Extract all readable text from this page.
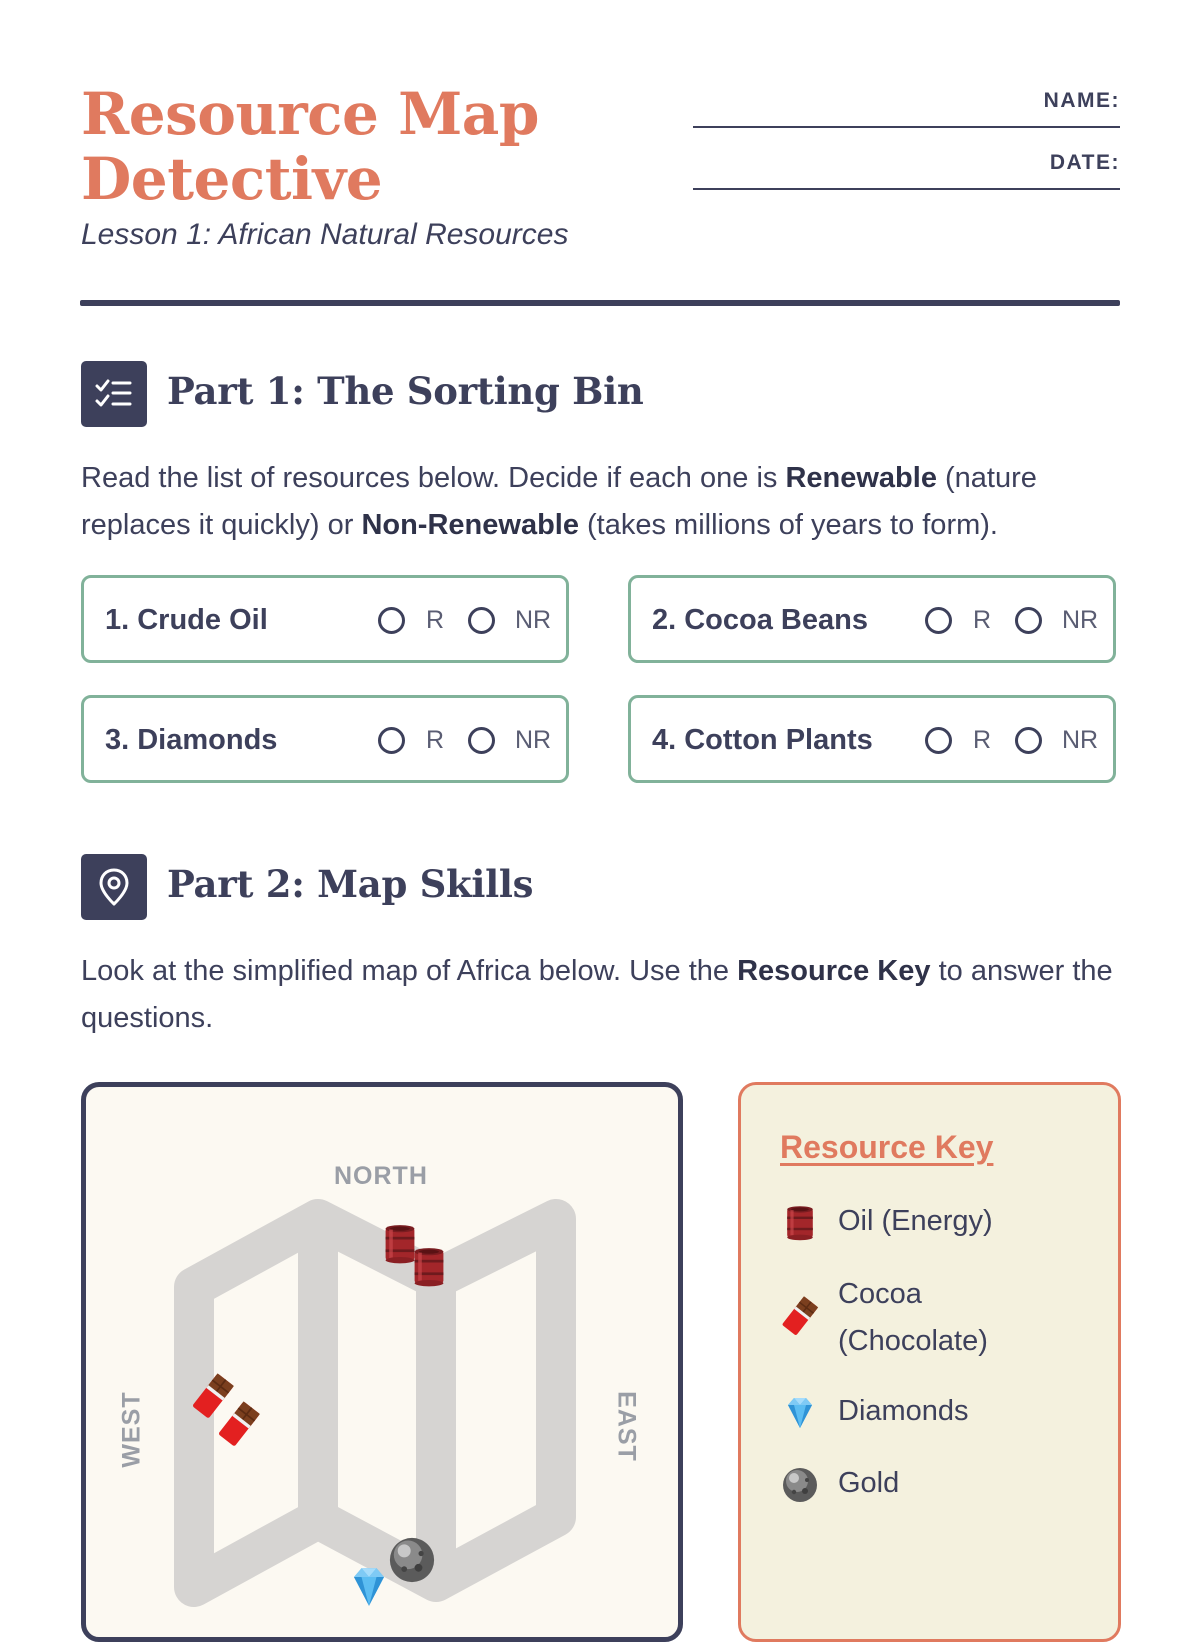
Resource Map Detective
Lesson 1: African Natural Resources
NAME:
DATE:
Part 1: The Sorting Bin
Read the list of resources below. Decide if each one is Renewable (nature replaces it quickly) or Non-Renewable (takes millions of years to form).
1. Crude Oil	R	NR	2. Cocoa Beans	R	NR
3. Diamonds	R	NR	4. Cotton Plants	R	NR
Part 2: Map Skills
Look at the simplified map of Africa below. Use the Resource Key to answer the questions.
NORTH
WEST	EAST
Resource Key
Oil (Energy)
Cocoa (Chocolate)
Diamonds
Gold
